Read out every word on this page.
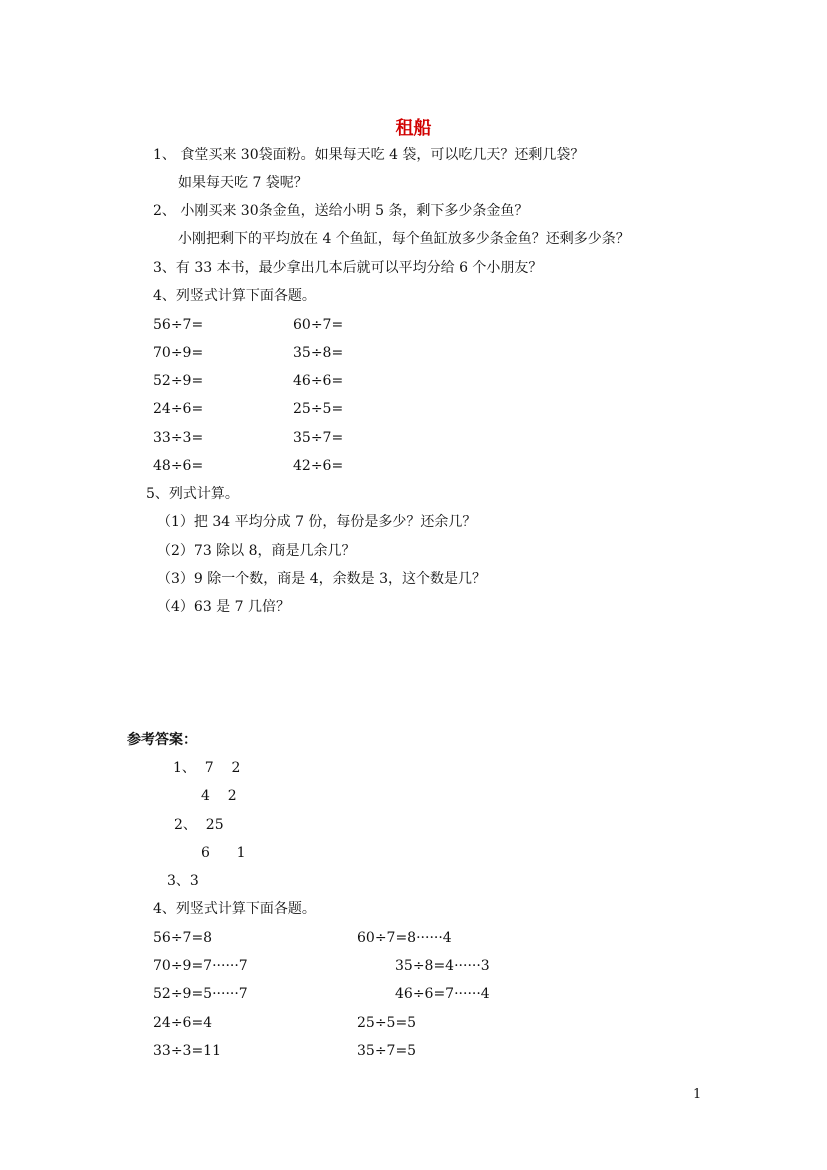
租船
1、 食堂买来 30袋面粉。如果每天吃 4 袋，可以吃几天？还剩几袋？
如果每天吃 7 袋呢？
2、 小刚买来 30条金鱼，送给小明 5 条，剩下多少条金鱼？
小刚把剩下的平均放在 4 个鱼缸，每个鱼缸放多少条金鱼？还剩多少条？
3、有 33 本书，最少拿出几本后就可以平均分给 6 个小朋友？
4、列竖式计算下面各题。
56÷7=
70÷9=
52÷9=
24÷6=
33÷3=
48÷6=
60÷7=
35÷8=
46÷6=
25÷5=
35÷7=
42÷6=
5、列式计算。
（1）把 34 平均分成 7 份，每份是多少？还余几？
（2）73 除以 8，商是几余几？
（3）9 除一个数，商是 4，余数是 3，这个数是几？
（4）63 是 7 几倍？
参考答案：
1、  7    2
4    2
2、  25
6      1
3、3
4、列竖式计算下面各题。
56÷7=8
70÷9=7······7
52÷9=5······7
24÷6=4
33÷3=11
60÷7=8······4
35÷8=4······3
46÷6=7······4
25÷5=5
35÷7=5
1
